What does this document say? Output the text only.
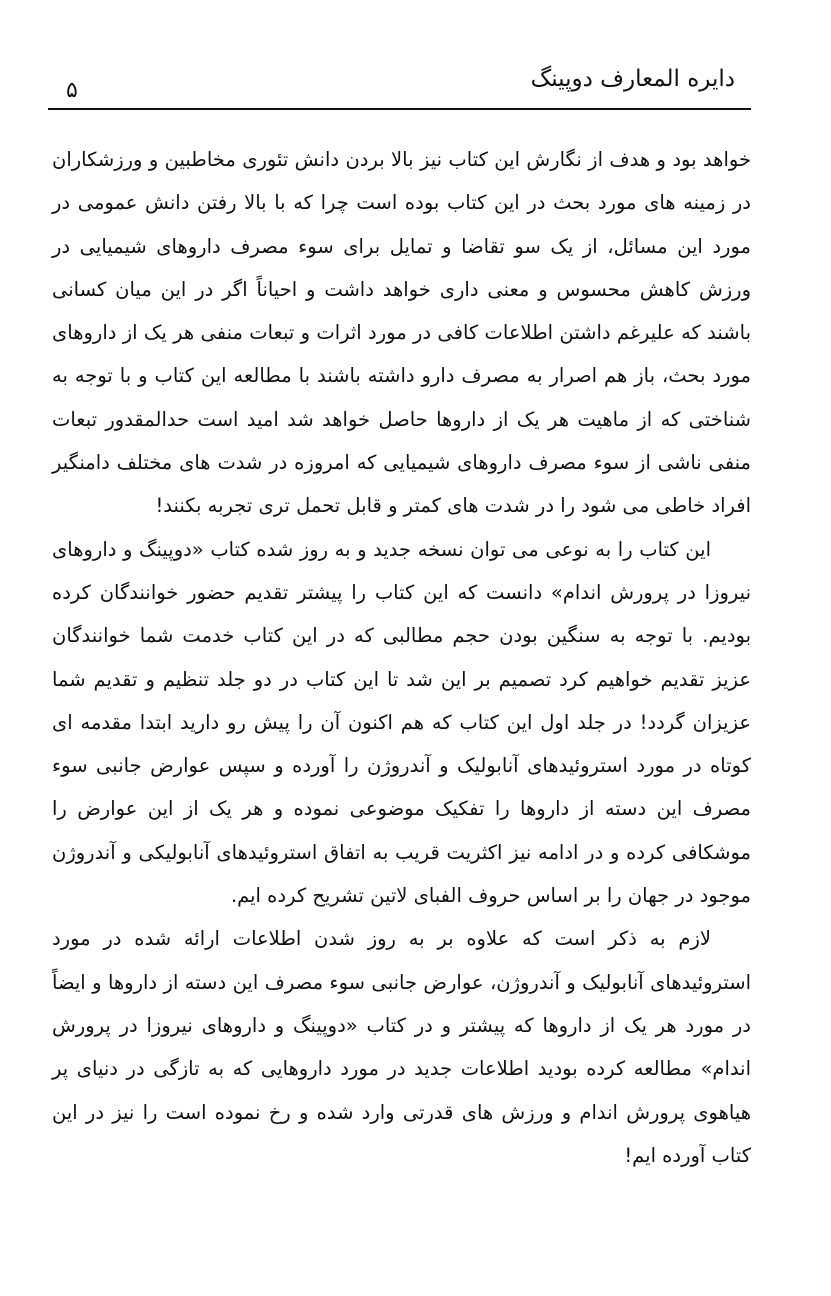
دایره المعارف دوپینگ
۵

خواهد بود و هدف از نگارش این کتاب نیز بالا بردن دانش تئوری مخاطبین و ورزشکاران در زمینه های مورد بحث در این کتاب بوده است چرا که با بالا رفتن دانش عمومی در مورد این مسائل، از یک سو تقاضا و تمایل برای سوء مصرف داروهای شیمیایی در ورزش کاهش محسوس و معنی داری خواهد داشت و احیاناً اگر در این میان کسانی باشند که علیرغم داشتن اطلاعات کافی در مورد اثرات و تبعات منفی هر یک از داروهای مورد بحث، باز هم اصرار به مصرف دارو داشته باشند با مطالعه این کتاب و با توجه به شناختی که از ماهیت هر یک از داروها حاصل خواهد شد امید است حدالمقدور تبعات منفی ناشی از سوء مصرف داروهای شیمیایی که امروزه در شدت های مختلف دامنگیر افراد خاطی می شود را در شدت های کمتر و قابل تحمل تری تجربه بکنند!

این کتاب را به نوعی می توان نسخه جدید و به روز شده کتاب «دوپینگ و داروهای نیروزا در پرورش اندام» دانست که این کتاب را پیشتر تقدیم حضور خوانندگان کرده بودیم. با توجه به سنگین بودن حجم مطالبی که در این کتاب خدمت شما خوانندگان عزیز تقدیم خواهیم کرد تصمیم بر این شد تا این کتاب در دو جلد تنظیم و تقدیم شما عزیزان گردد! در جلد اول این کتاب که هم اکنون آن را پیش رو دارید ابتدا مقدمه ای کوتاه در مورد استروئیدهای آنابولیک و آندروژن را آورده و سپس عوارض جانبی سوء مصرف این دسته از داروها را تفکیک موضوعی نموده و هر یک از این عوارض را موشکافی کرده و در ادامه نیز اکثریت قریب به اتفاق استروئیدهای آنابولیکی و آندروژن موجود در جهان را بر اساس حروف الفبای لاتین تشریح کرده ایم.

لازم به ذکر است که علاوه بر به روز شدن اطلاعات ارائه شده در مورد استروئیدهای آنابولیک و آندروژن، عوارض جانبی سوء مصرف این دسته از داروها و ایضاً در مورد هر یک از داروها که پیشتر و در کتاب «دوپینگ و داروهای نیروزا در پرورش اندام» مطالعه کرده بودید اطلاعات جدید در مورد داروهایی که به تازگی در دنیای پر هیاهوی پرورش اندام و ورزش های قدرتی وارد شده و رخ نموده است را نیز در این کتاب آورده ایم!
